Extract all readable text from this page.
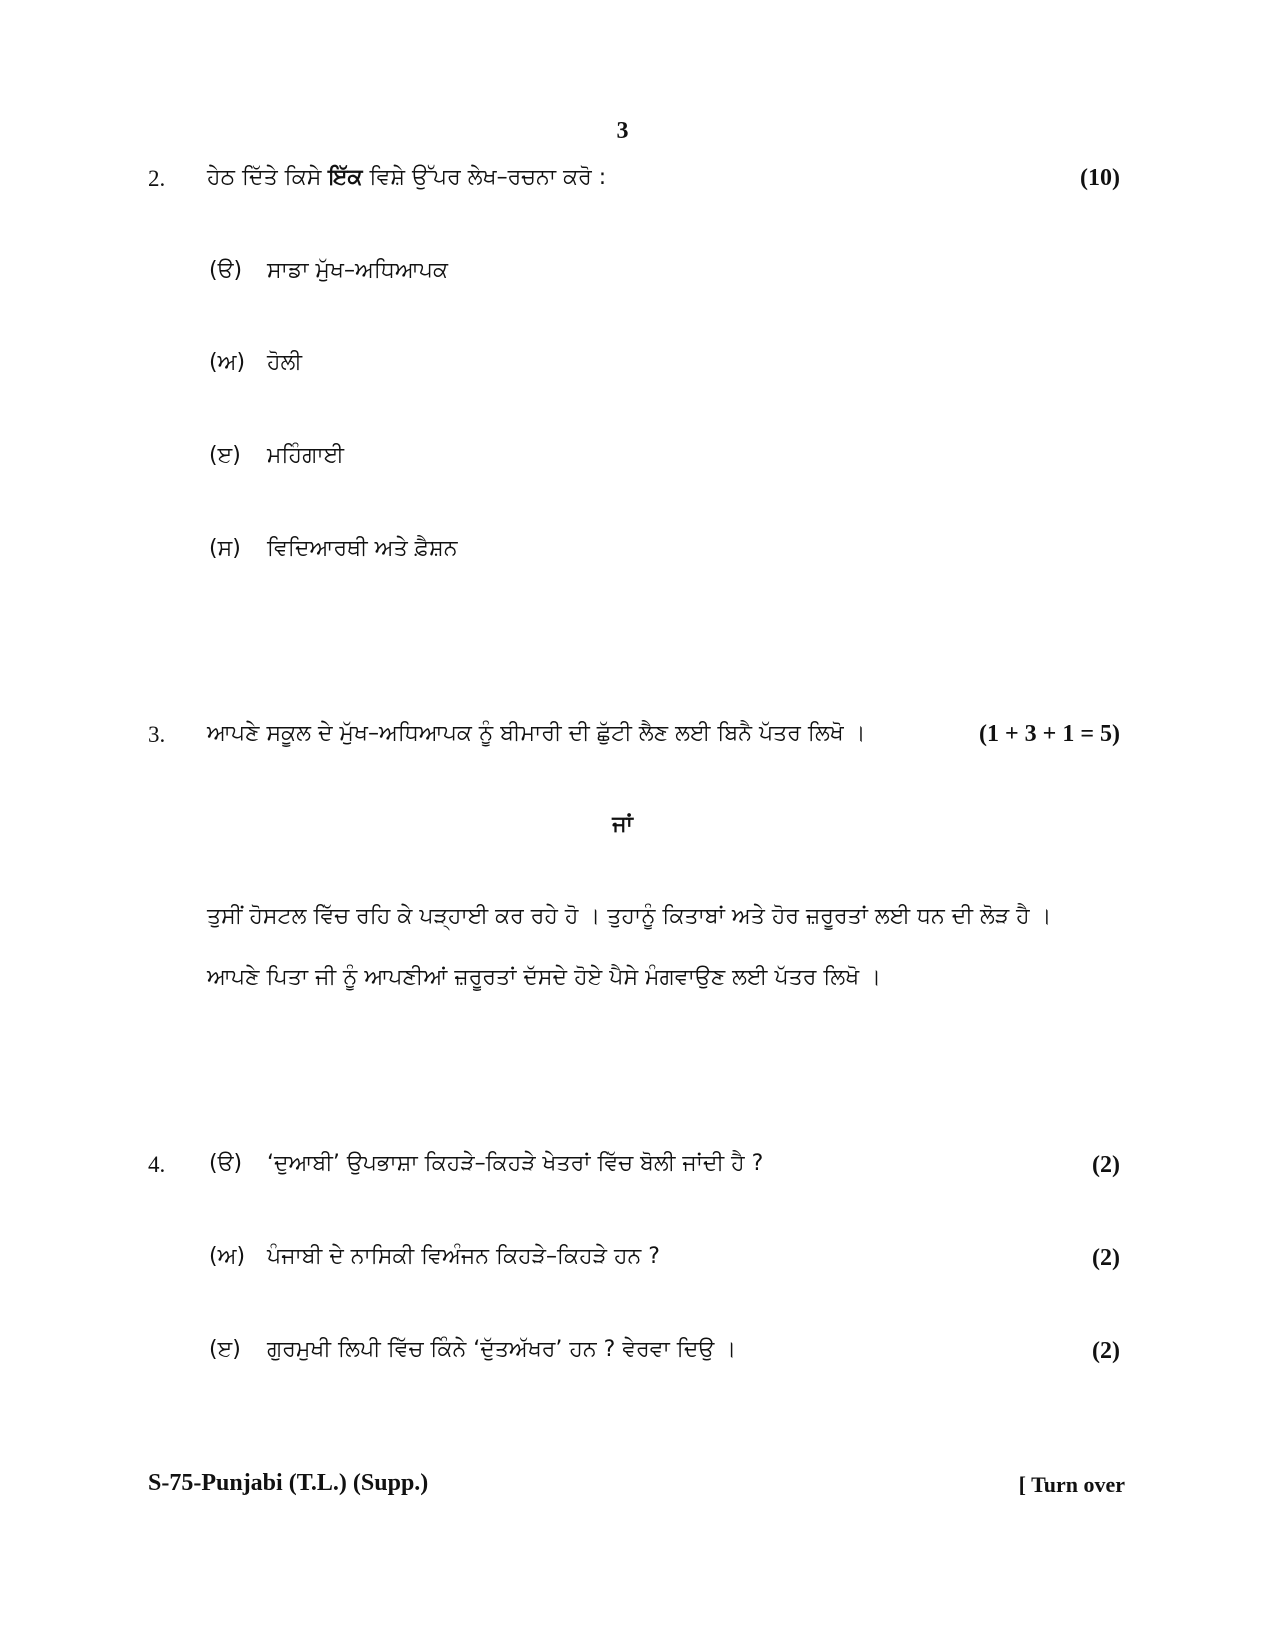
3
2. ਹੇਠ ਦਿੱਤੇ ਕਿਸੇ ਇੱਕ ਵਿਸ਼ੇ ਉੱਪਰ ਲੇਖ–ਰਚਨਾ ਕਰੋ :	(10)
(ੳ) ਸਾਡਾ ਮੁੱਖ–ਅਧਿਆਪਕ
(ਅ) ਹੋਲੀ
(ੲ) ਮਹਿੰਗਾਈ
(ਸ) ਵਿਦਿਆਰਥੀ ਅਤੇ ਫ਼ੈਸ਼ਨ
3. ਆਪਣੇ ਸਕੂਲ ਦੇ ਮੁੱਖ–ਅਧਿਆਪਕ ਨੂੰ ਬੀਮਾਰੀ ਦੀ ਛੁੱਟੀ ਲੈਣ ਲਈ ਬਿਨੈ ਪੱਤਰ ਲਿਖੋ ।	(1 + 3 + 1 = 5)
ਜਾਂ
ਤੁਸੀਂ ਹੋਸਟਲ ਵਿੱਚ ਰਹਿ ਕੇ ਪੜ੍ਹਾਈ ਕਰ ਰਹੇ ਹੋ । ਤੁਹਾਨੂੰ ਕਿਤਾਬਾਂ ਅਤੇ ਹੋਰ ਜ਼ਰੂਰਤਾਂ ਲਈ ਧਨ ਦੀ ਲੋੜ ਹੈ ।
ਆਪਣੇ ਪਿਤਾ ਜੀ ਨੂੰ ਆਪਣੀਆਂ ਜ਼ਰੂਰਤਾਂ ਦੱਸਦੇ ਹੋਏ ਪੈਸੇ ਮੰਗਵਾਉਣ ਲਈ ਪੱਤਰ ਲਿਖੋ ।
4. (ੳ) ‘ਦੁਆਬੀ’ ਉਪਭਾਸ਼ਾ ਕਿਹੜੇ–ਕਿਹੜੇ ਖੇਤਰਾਂ ਵਿੱਚ ਬੋਲੀ ਜਾਂਦੀ ਹੈ ?	(2)
(ਅ) ਪੰਜਾਬੀ ਦੇ ਨਾਸਿਕੀ ਵਿਅੰਜਨ ਕਿਹੜੇ–ਕਿਹੜੇ ਹਨ ?	(2)
(ੲ) ਗੁਰਮੁਖੀ ਲਿਪੀ ਵਿੱਚ ਕਿੰਨੇ ‘ਦੁੱਤਅੱਖਰ’ ਹਨ ? ਵੇਰਵਾ ਦਿਉ ।	(2)
S-75-Punjabi (T.L.) (Supp.)	[ Turn over
